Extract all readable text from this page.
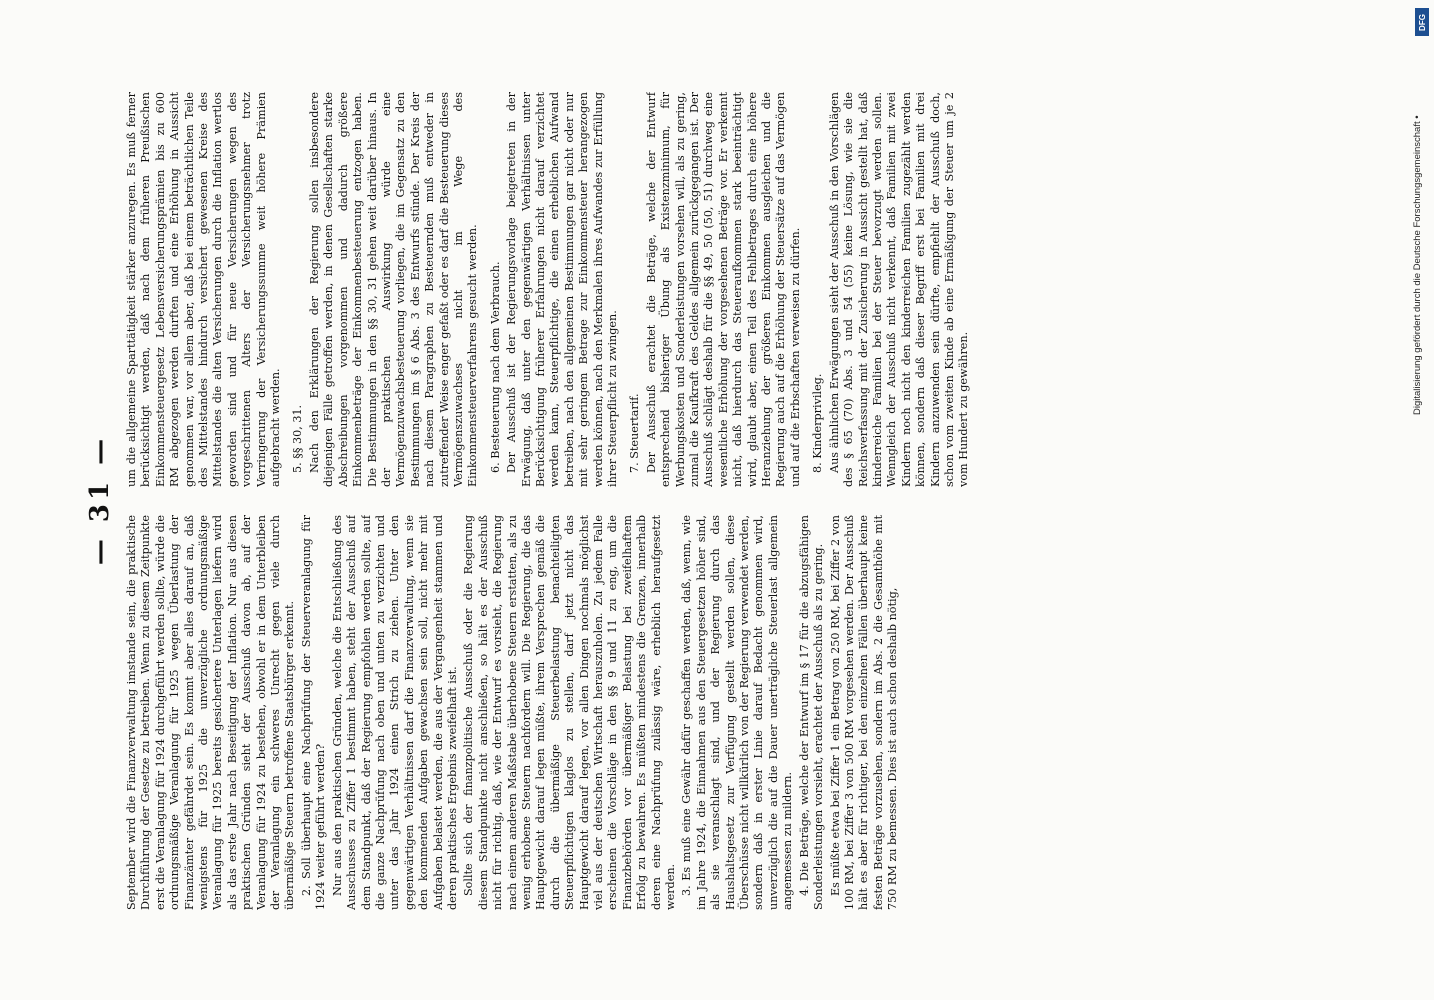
— 31 —

September wird die Finanzverwaltung imstande sein, die praktische Durchführung der Gesetze zu betreiben. Wenn zu diesem Zeitpunkte erst die Veranlagung für 1924 durchgeführt werden sollte, würde die ordnungsmäßige Veranlagung für 1925 wegen Überlastung der Finanzämter gefährdet sein. Es kommt aber alles darauf an, daß wenigstens für 1925 die unverzügliche ordnungsmäßige Veranlagung für 1925 bereits gesichertere Unterlagen liefern wird als das erste Jahr nach Beseitigung der Inflation. Nur aus diesen praktischen Gründen sieht der Ausschuß davon ab, auf der Veranlagung für 1924 zu bestehen, obwohl er in dem Unterbleiben der Veranlagung ein schweres Unrecht gegen viele durch übermäßige Steuern betroffene Staatsbürger erkennt. 2. Soll überhaupt eine Nachprüfung der Steuerveranlagung für 1924 weiter geführt werden? Nur aus den praktischen Gründen, welche die Entschließung des Ausschusses zu Ziffer 1 bestimmt haben, steht der Ausschuß auf dem Standpunkt, daß der Regierung empfohlen werden sollte, auf die ganze Nachprüfung nach oben und unten zu verzichten und unter das Jahr 1924 einen Strich zu ziehen. Unter den gegenwärtigen Verhältnissen darf die Finanzverwaltung, wenn sie den kommenden Aufgaben gewachsen sein soll, nicht mehr mit Aufgaben belastet werden, die aus der Vergangenheit stammen und deren praktisches Ergebnis zweifelhaft ist. Sollte sich der finanzpolitische Ausschuß oder die Regierung diesem Standpunkte nicht anschließen, so hält es der Ausschuß nicht für richtig, daß, wie der Entwurf es vorsieht, die Regierung nach einem anderen Maßstabe überhobene Steuern erstatten, als zu wenig erhobene Steuern nachfordern will. Die Regierung, die das Hauptgewicht darauf legen müßte, ihrem Versprechen gemäß die durch die übermäßige Steuerbelastung benachteiligten Steuerpflichtigen klaglos zu stellen, darf jetzt nicht das Hauptgewicht darauf legen, vor allen Dingen nochmals möglichst viel aus der deutschen Wirtschaft herauszuholen. Zu jedem Falle erscheinen die Vorschläge in den §§ 9 und 11 zu eng, um die Finanzbehörden vor übermäßiger Belastung bei zweifelhaftem Erfolg zu bewahren. Es müßten mindestens die Grenzen, innerhalb deren eine Nachprüfung zulässig wäre, erheblich heraufgesetzt werden. 3. Es muß eine Gewähr dafür geschaffen werden, daß, wenn, wie im Jahre 1924, die Einnahmen aus den Steuergesetzen höher sind, als sie veranschlagt sind, und der Regierung durch das Haushaltsgesetz zur Verfügung gestellt werden sollen, diese Überschüsse nicht willkürlich von der Regierung verwendet werden, sondern daß in erster Linie darauf Bedacht genommen wird, unverzüglich die auf die Dauer unerträgliche Steuerlast allgemein angemessen zu mildern. 4. Die Beträge, welche der Entwurf im § 17 für die abzugsfähigen Sonderleistungen vorsieht, erachtet der Ausschuß als zu gering. Es müßte etwa bei Ziffer 1 ein Betrag von 250 RM, bei Ziffer 2 von 100 RM, bei Ziffer 3 von 500 RM vorgesehen werden. Der Ausschuß hält es aber für richtiger, bei den einzelnen Fällen überhaupt keine festen Beträge vorzusehen, sondern im Abs. 2 die Gesamthöhe mit 750 RM zu bemessen. Dies ist auch schon deshalb nötig,

um die allgemeine Sparttätigkeit stärker anzuregen. Es muß ferner berücksichtigt werden, daß nach dem früheren Preußischen Einkommensteuergesetz Lebensversicherungsprämien bis zu 600 RM abgezogen werden durften und eine Erhöhung in Aussicht genommen war, vor allem aber, daß bei einem beträchtlichen Teile des Mittelstandes hindurch versichert gewesenen Kreise des Mittelstandes die alten Versicherungen durch die Inflation wertlos geworden sind und für neue Versicherungen wegen des vorgeschrittenen Alters der Versicherungsnehmer trotz Verringerung der Versicherungssumme weit höhere Prämien aufgebracht werden. 5. §§ 30, 31. Nach den Erklärungen der Regierung sollen insbesondere diejenigen Fälle getroffen werden, in denen Gesellschaften starke Abschreibungen vorgenommen und dadurch größere Einkommenbeträge der Einkommenbesteuerung entzogen haben. Die Bestimmungen in den §§ 30, 31 gehen weit darüber hinaus. In der praktischen Auswirkung würde eine Vermögenzuwachsbesteuerung vorliegen, die im Gegensatz zu den Bestimmungen im § 6 Abs. 3 des Entwurfs stünde. Der Kreis der nach diesem Paragraphen zu Besteuernden muß entweder in zutreffender Weise enger gefaßt oder es darf die Besteuerung dieses Vermögenszuwachses nicht im Wege des Einkommensteuerverfahrens gesucht werden. 6. Besteuerung nach dem Verbrauch. Der Ausschuß ist der Regierungsvorlage beigetreten in der Erwägung, daß unter den gegenwärtigen Verhältnissen unter Berücksichtigung früherer Erfahrungen nicht darauf verzichtet werden kann, Steuerpflichtige, die einen erheblichen Aufwand betreiben, nach den allgemeinen Bestimmungen gar nicht oder nur mit sehr geringem Betrage zur Einkommensteuer herangezogen werden können, nach den Merkmalen ihres Aufwandes zur Erfüllung ihrer Steuerpflicht zu zwingen. 7. Steuertarif. Der Ausschuß erachtet die Beträge, welche der Entwurf entsprechend bisheriger Übung als Existenzminimum, für Werbungskosten und Sonderleistungen vorsehen will, als zu gering, zumal die Kaufkraft des Geldes allgemein zurückgegangen ist. Der Ausschuß schlägt deshalb für die §§ 49, 50 (50, 51) durchweg eine wesentliche Erhöhung der vorgesehenen Beträge vor. Er verkennt nicht, daß hierdurch das Steueraufkommen stark beeinträchtigt wird, glaubt aber, einen Teil des Fehlbetrages durch eine höhere Heranziehung der größeren Einkommen ausgleichen und die Regierung auch auf die Erhöhung der Steuersätze auf das Vermögen und auf die Erbschaften verweisen zu dürfen. 8. Kinderprivileg. Aus ähnlichen Erwägungen sieht der Ausschuß in den Vorschlägen des § 65 (70) Abs. 3 und 54 (55) keine Lösung, wie sie die Reichsverfassung mit der Zusicherung in Aussicht gestellt hat, daß kinderreiche Familien bei der Steuer bevorzugt werden sollen. Wenngleich der Ausschuß nicht verkennt, daß Familien mit zwei Kindern noch nicht den kinderreichen Familien zugezählt werden können, sondern daß dieser Begriff erst bei Familien mit drei Kindern anzuwenden sein dürfte, empfiehlt der Ausschuß doch, schon vom zweiten Kinde ab eine Ermäßigung der Steuer um je 2 vom Hundert zu gewähren.

DFG
Digitalisierung gefördert durch die Deutsche Forschungsgemeinschaft •
